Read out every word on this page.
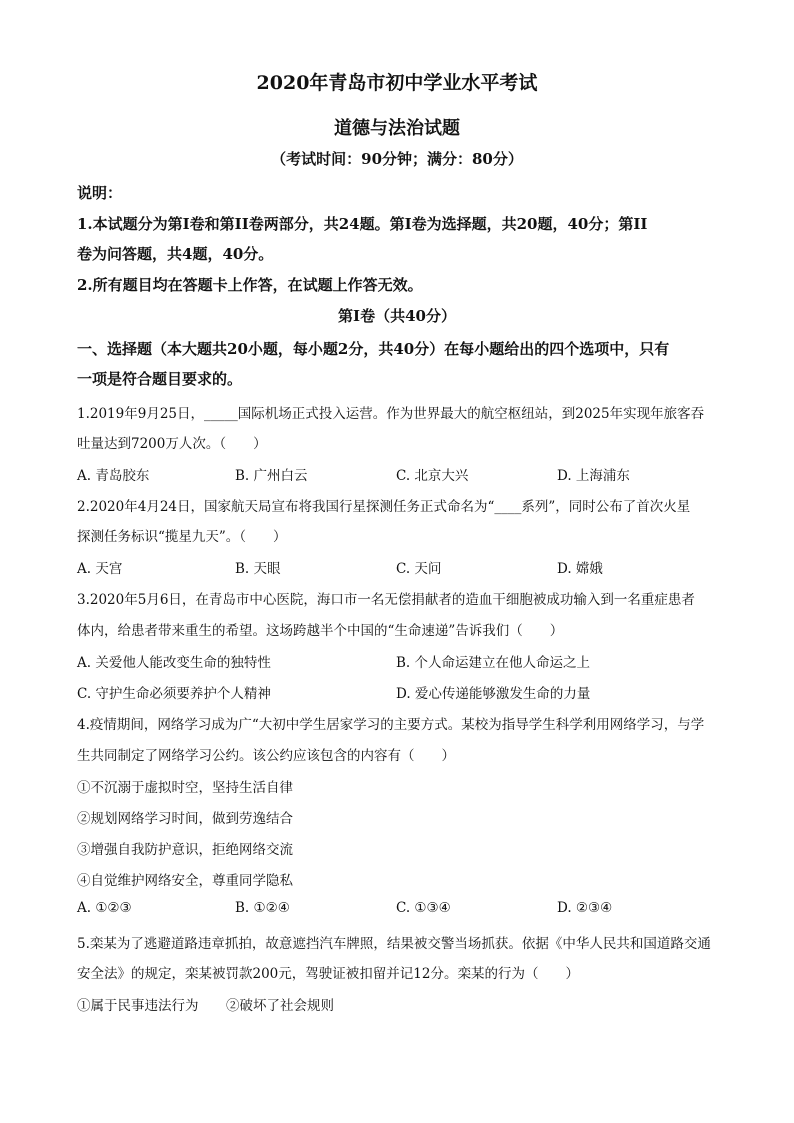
2020年青岛市初中学业水平考试
道德与法治试题
（考试时间：90分钟；满分：80分）
说明：
1.本试题分为第I卷和第II卷两部分，共24题。第I卷为选择题，共20题，40分；第II
卷为问答题，共4题，40分。
2.所有题目均在答题卡上作答，在试题上作答无效。
第I卷（共40分）
一、选择题（本大题共20小题，每小题2分，共40分）在每小题给出的四个选项中，只有
一项是符合题目要求的。
1.2019年9月25日，_____国际机场正式投入运营。作为世界最大的航空枢纽站，到2025年实现年旅客吞
吐量达到7200万人次。（　　）
A. 青岛胶东	B. 广州白云	C. 北京大兴	D. 上海浦东
2.2020年4月24日，国家航天局宣布将我国行星探测任务正式命名为“____系列”，同时公布了首次火星
探测任务标识“揽星九天”。（　　）
A. 天宫	B. 天眼	C. 天问	D. 嫦娥
3.2020年5月6日，在青岛市中心医院，海口市一名无偿捐献者的造血干细胞被成功输入到一名重症患者
体内，给患者带来重生的希望。这场跨越半个中国的“生命速递”告诉我们（　　）
A. 关爱他人能改变生命的独特性	B. 个人命运建立在他人命运之上
C. 守护生命必须要养护个人精神	D. 爱心传递能够激发生命的力量
4.疫情期间，网络学习成为广“大初中学生居家学习的主要方式。某校为指导学生科学利用网络学习，与学
生共同制定了网络学习公约。该公约应该包含的内容有（　　）
①不沉溺于虚拟时空，坚持生活自律
②规划网络学习时间，做到劳逸结合
③增强自我防护意识，拒绝网络交流
④自觉维护网络安全，尊重同学隐私
A. ①②③	B. ①②④	C. ①③④	D. ②③④
5.栾某为了逃避道路违章抓拍，故意遮挡汽车牌照，结果被交警当场抓获。依据《中华人民共和国道路交通
安全法》的规定，栾某被罚款200元，驾驶证被扣留并记12分。栾某的行为（　　）
①属于民事违法行为 ②破坏了社会规则
